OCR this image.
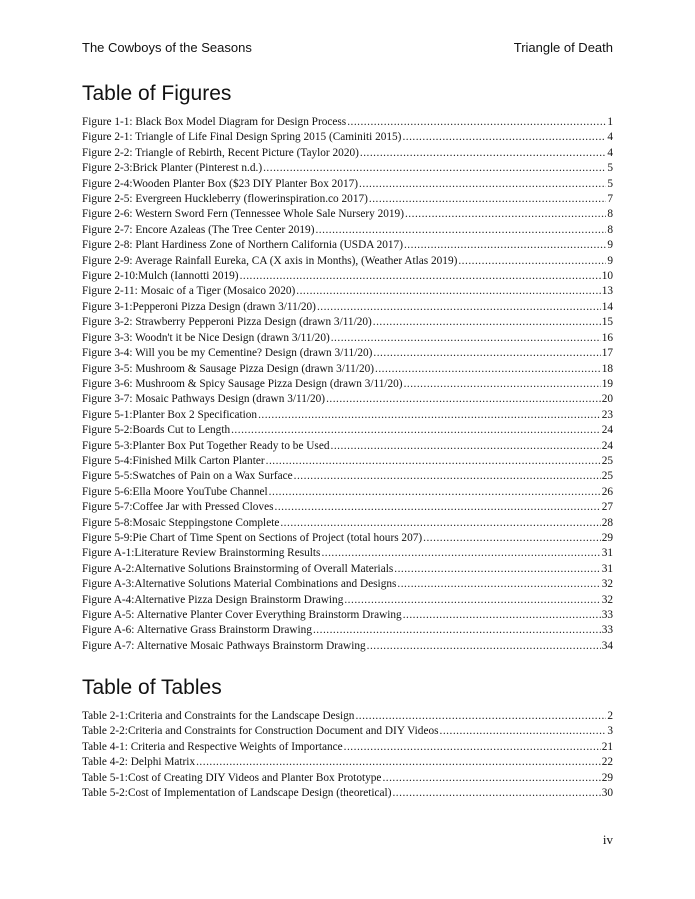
The Cowboys of the Seasons	Triangle of Death
Table of Figures
Figure 1-1: Black Box Model Diagram for Design Process .....	1
Figure 2-1: Triangle of Life Final Design Spring 2015 (Caminiti 2015) .....	4
Figure 2-2: Triangle of Rebirth, Recent Picture (Taylor 2020) .....	4
Figure 2-3:Brick Planter (Pinterest n.d.) .....	5
Figure 2-4:Wooden Planter Box ($23 DIY Planter Box 2017) .....	5
Figure 2-5: Evergreen Huckleberry (flowerinspiration.co 2017) .....	7
Figure 2-6: Western Sword Fern (Tennessee Whole Sale Nursery 2019) .....	8
Figure 2-7: Encore Azaleas (The Tree Center 2019) .....	8
Figure 2-8: Plant Hardiness Zone of Northern California (USDA 2017) .....	9
Figure 2-9: Average Rainfall Eureka, CA (X axis in Months), (Weather Atlas 2019) .....	9
Figure 2-10:Mulch (Iannotti 2019) .....	10
Figure 2-11: Mosaic of a Tiger (Mosaico 2020) .....	13
Figure 3-1:Pepperoni Pizza Design (drawn 3/11/20) .....	14
Figure 3-2: Strawberry Pepperoni Pizza Design (drawn 3/11/20) .....	15
Figure 3-3: Woodn't it be Nice Design (drawn 3/11/20) .....	16
Figure 3-4: Will you be my Cementine? Design (drawn 3/11/20) .....	17
Figure 3-5: Mushroom & Sausage Pizza Design (drawn 3/11/20) .....	18
Figure 3-6: Mushroom & Spicy Sausage Pizza Design (drawn 3/11/20) .....	19
Figure 3-7: Mosaic Pathways Design (drawn 3/11/20) .....	20
Figure 5-1:Planter Box 2 Specification .....	23
Figure 5-2:Boards Cut to Length .....	24
Figure 5-3:Planter Box Put Together Ready to be Used .....	24
Figure 5-4:Finished Milk Carton Planter .....	25
Figure 5-5:Swatches of Pain on a Wax Surface .....	25
Figure 5-6:Ella Moore YouTube Channel .....	26
Figure 5-7:Coffee Jar with Pressed Cloves .....	27
Figure 5-8:Mosaic Steppingstone Complete .....	28
Figure 5-9:Pie Chart of Time Spent on Sections of Project (total hours 207) .....	29
Figure A-1:Literature Review Brainstorming Results .....	31
Figure A-2:Alternative Solutions Brainstorming of Overall Materials .....	31
Figure A-3:Alternative Solutions Material Combinations and Designs .....	32
Figure A-4:Alternative Pizza Design Brainstorm Drawing .....	32
Figure A-5: Alternative Planter Cover Everything Brainstorm Drawing .....	33
Figure A-6: Alternative Grass Brainstorm Drawing .....	33
Figure A-7: Alternative Mosaic Pathways Brainstorm Drawing .....	34
Table of Tables
Table 2-1:Criteria and Constraints for the Landscape Design .....	2
Table 2-2:Criteria and Constraints for Construction Document and DIY Videos .....	3
Table 4-1: Criteria and Respective Weights of Importance .....	21
Table 4-2: Delphi Matrix .....	22
Table 5-1:Cost of Creating DIY Videos and Planter Box Prototype .....	29
Table 5-2:Cost of Implementation of Landscape Design (theoretical) .....	30
iv
